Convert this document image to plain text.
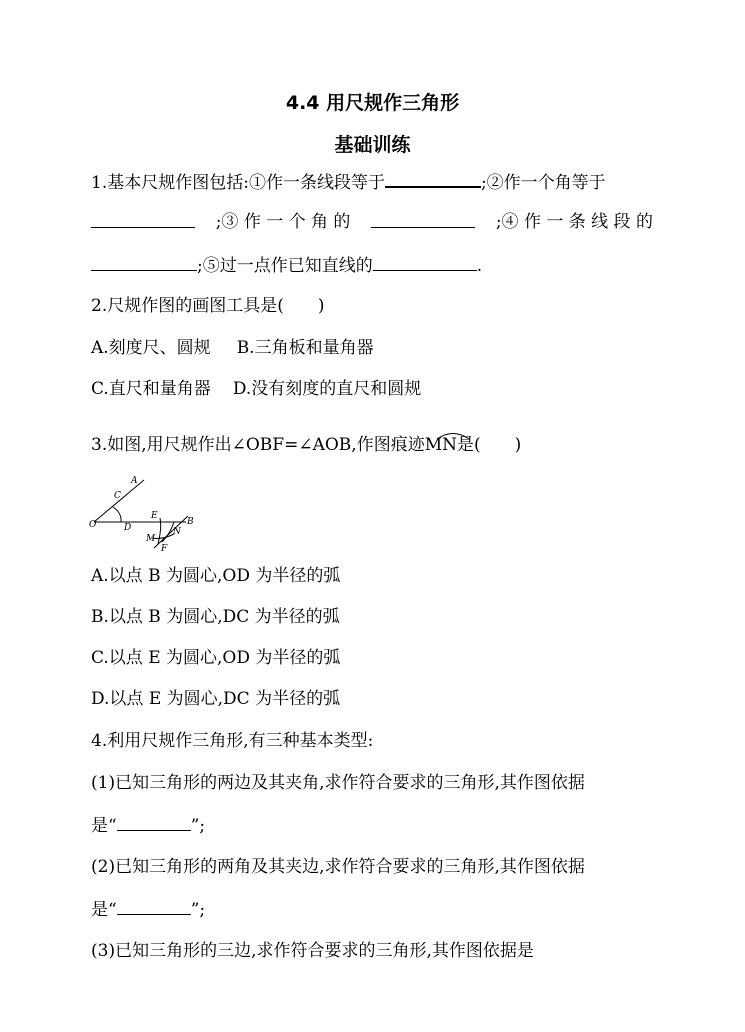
4.4 用尺规作三角形
基础训练
1.基本尺规作图包括:①作一条线段等于	;②作一个角等于
;③ 作 一 个 角 的	;④ 作 一 条 线 段 的
;⑤过一点作已知直线的	.
2.尺规作图的画图工具是( )
A.刻度尺、圆规 B.三角板和量角器
C.直尺和量角器 D.没有刻度的直尺和圆规
3.如图,用尺规作出∠OBF=∠AOB,作图痕迹MN是( )
A
C
O	D
E
B
M
N
F
A.以点 B 为圆心,OD 为半径的弧
B.以点 B 为圆心,DC 为半径的弧
C.以点 E 为圆心,OD 为半径的弧
D.以点 E 为圆心,DC 为半径的弧
4.利用尺规作三角形,有三种基本类型:
(1)已知三角形的两边及其夹角,求作符合要求的三角形,其作图依据
是“	”;
(2)已知三角形的两角及其夹边,求作符合要求的三角形,其作图依据
是“	”;
(3)已知三角形的三边,求作符合要求的三角形,其作图依据是
